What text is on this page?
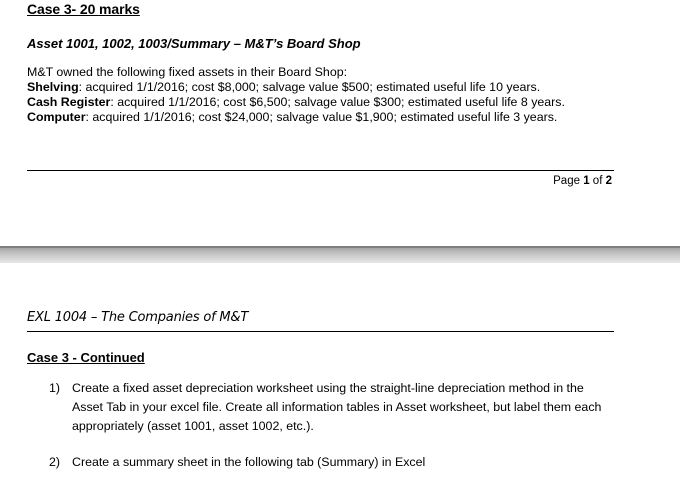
Case 3- 20 marks
Asset 1001, 1002, 1003/Summary – M&T’s Board Shop

M&T owned the following fixed assets in their Board Shop:

Shelving: acquired 1/1/2016; cost $8,000; salvage value $500; estimated useful life 10 years.

Cash Register: acquired 1/1/2016; cost $6,500; salvage value $300; estimated useful life 8 years.

Computer: acquired 1/1/2016; cost $24,000; salvage value $1,900; estimated useful life 3 years.

Page 1 of 2
EXL 1004 – The Companies of M&T
Case 3 - Continued
1) Create a fixed asset depreciation worksheet using the straight-line depreciation method in the Asset Tab in your excel file. Create all information tables in Asset worksheet, but label them each appropriately (asset 1001, asset 1002, etc.).
2) Create a summary sheet in the following tab (Summary) in Excel
